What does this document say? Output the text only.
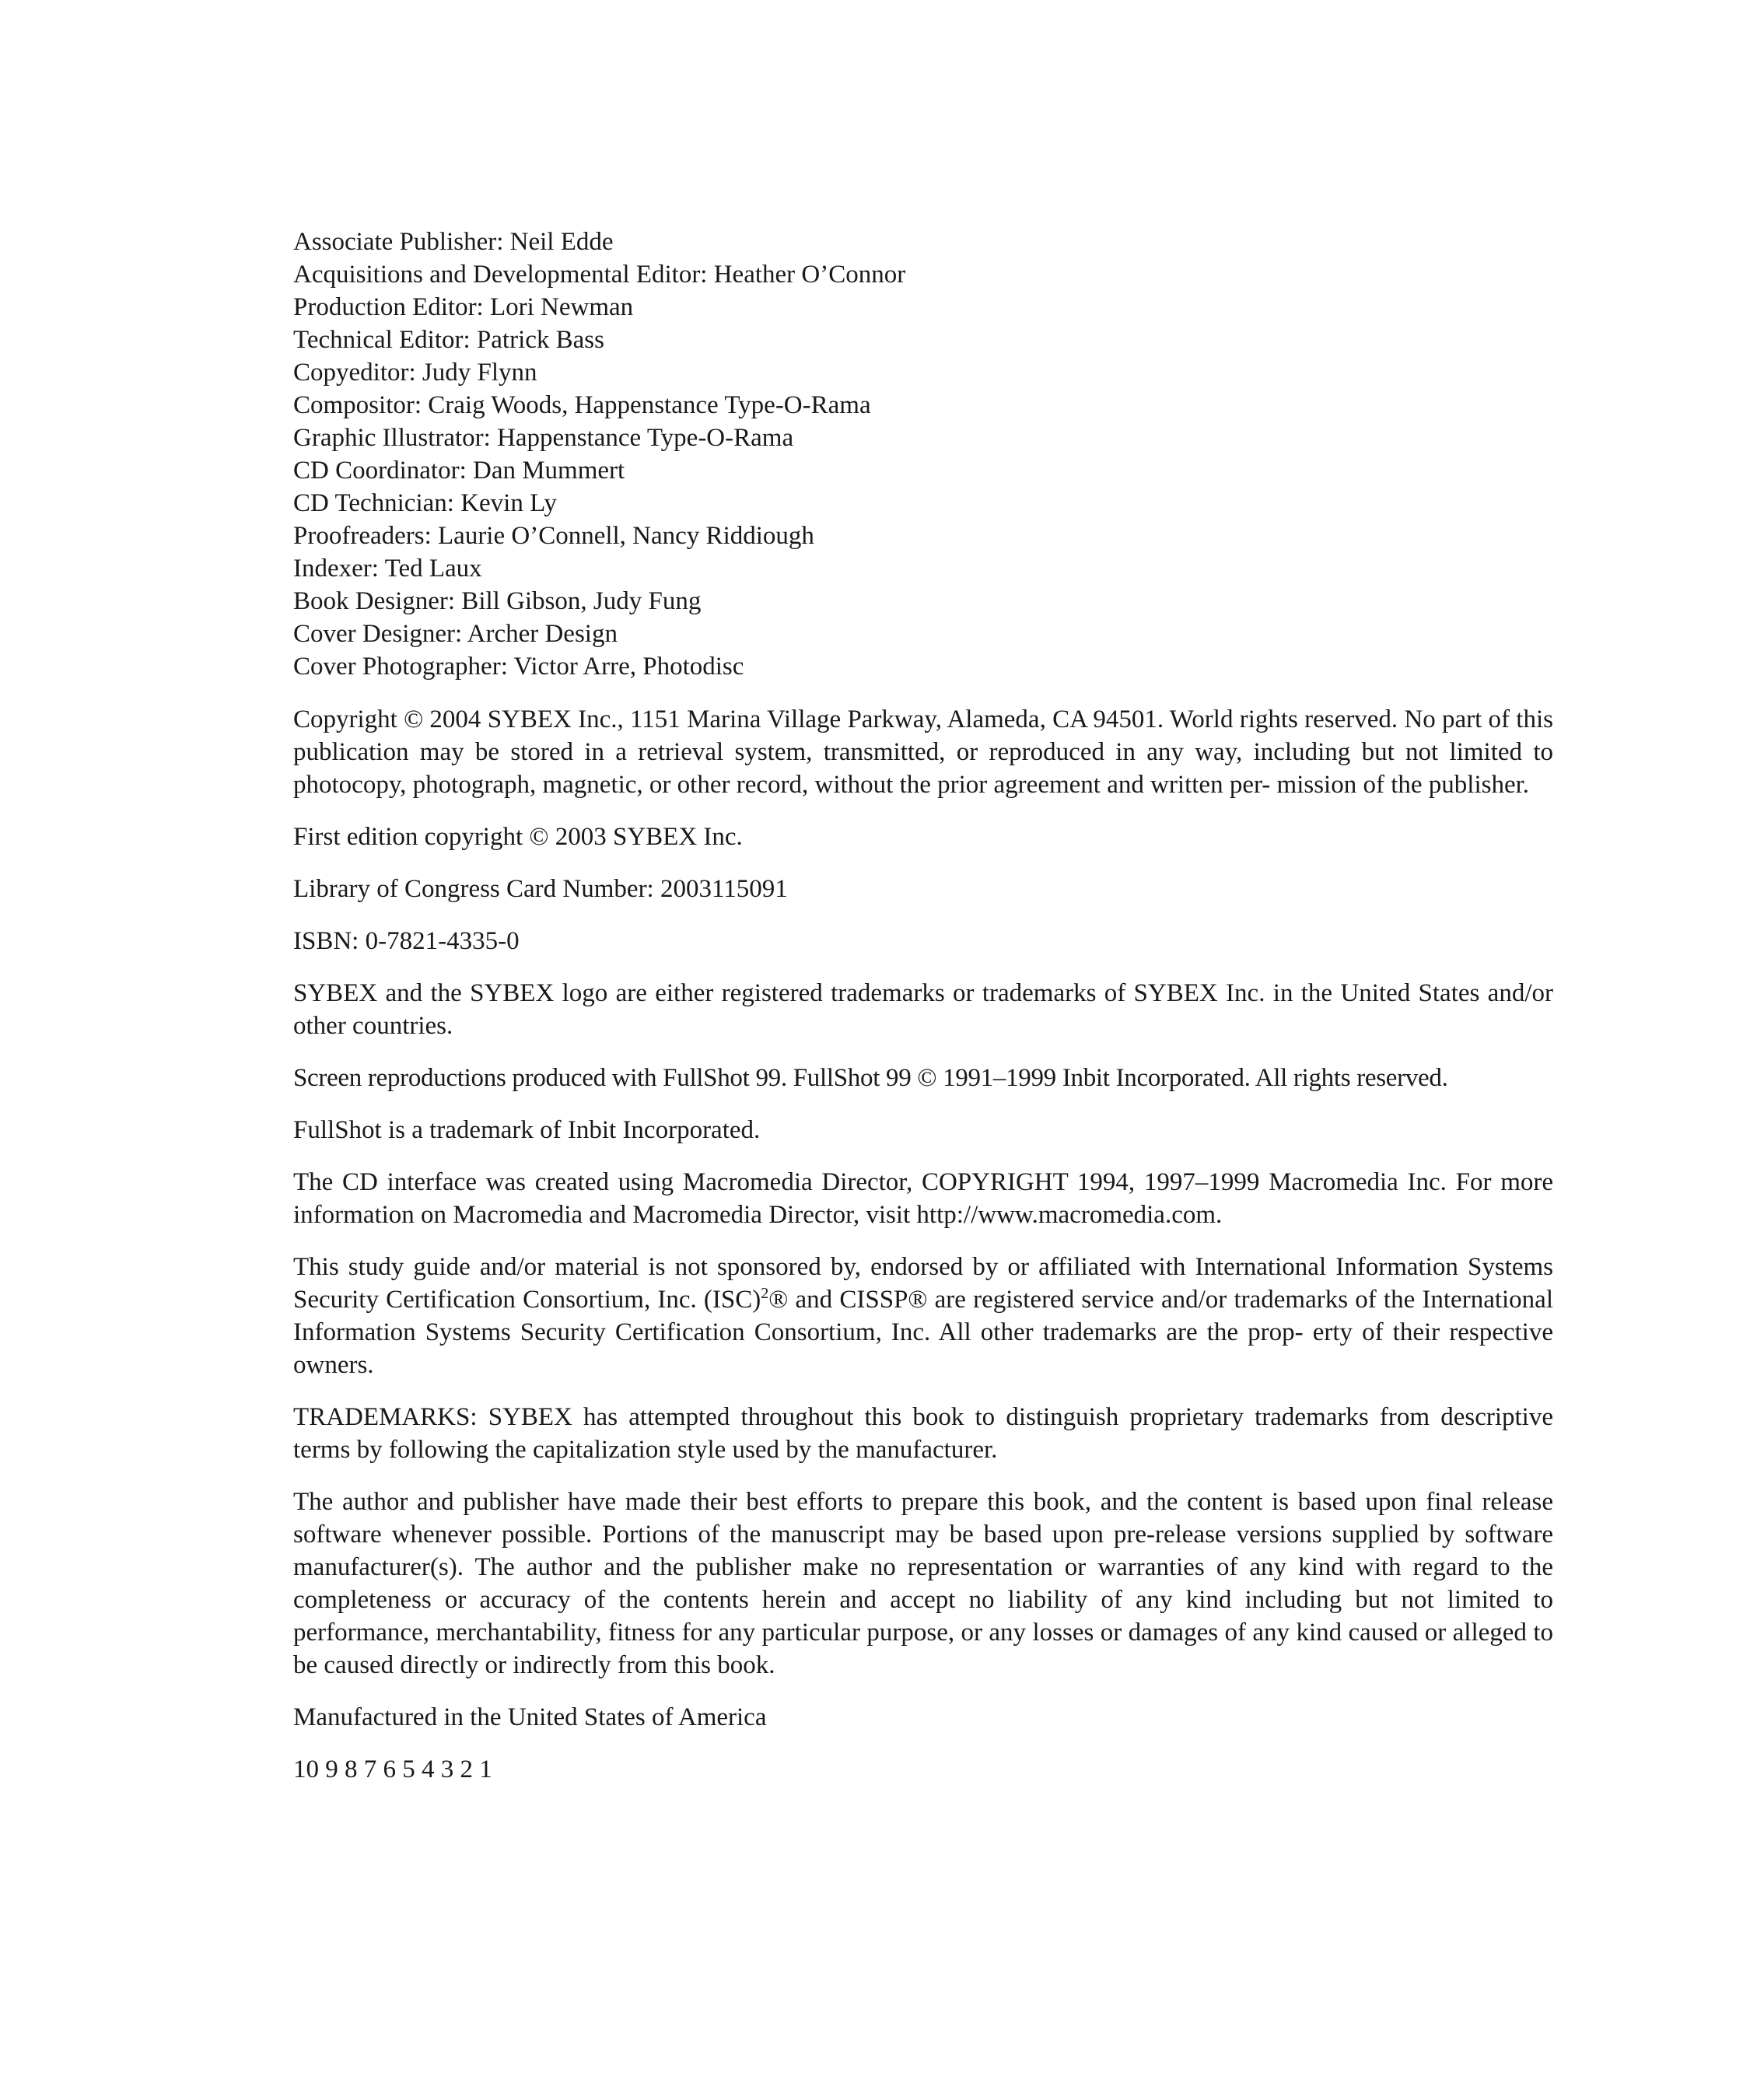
Associate Publisher: Neil Edde
Acquisitions and Developmental Editor: Heather O’Connor
Production Editor: Lori Newman
Technical Editor: Patrick Bass
Copyeditor: Judy Flynn
Compositor: Craig Woods, Happenstance Type-O-Rama
Graphic Illustrator: Happenstance Type-O-Rama
CD Coordinator: Dan Mummert
CD Technician: Kevin Ly
Proofreaders: Laurie O’Connell, Nancy Riddiough
Indexer: Ted Laux
Book Designer: Bill Gibson, Judy Fung
Cover Designer: Archer Design
Cover Photographer: Victor Arre, Photodisc

Copyright © 2004 SYBEX Inc., 1151 Marina Village Parkway, Alameda, CA 94501. World rights reserved. No part of this publication may be stored in a retrieval system, transmitted, or reproduced in any way, including but not limited to photocopy, photograph, magnetic, or other record, without the prior agreement and written per- mission of the publisher.

First edition copyright © 2003 SYBEX Inc.

Library of Congress Card Number: 2003115091

ISBN: 0-7821-4335-0

SYBEX and the SYBEX logo are either registered trademarks or trademarks of SYBEX Inc. in the United States and/or other countries.

Screen reproductions produced with FullShot 99. FullShot 99 © 1991–1999 Inbit Incorporated. All rights reserved.

FullShot is a trademark of Inbit Incorporated.

The CD interface was created using Macromedia Director, COPYRIGHT 1994, 1997–1999 Macromedia Inc. For more information on Macromedia and Macromedia Director, visit http://www.macromedia.com.

This study guide and/or material is not sponsored by, endorsed by or affiliated with International Information Systems Security Certification Consortium, Inc. (ISC)$^2$® and CISSP® are registered service and/or trademarks of the International Information Systems Security Certification Consortium, Inc. All other trademarks are the prop- erty of their respective owners.

TRADEMARKS: SYBEX has attempted throughout this book to distinguish proprietary trademarks from descriptive terms by following the capitalization style used by the manufacturer.

The author and publisher have made their best efforts to prepare this book, and the content is based upon final release software whenever possible. Portions of the manuscript may be based upon pre-release versions supplied by software manufacturer(s). The author and the publisher make no representation or warranties of any kind with regard to the completeness or accuracy of the contents herein and accept no liability of any kind including but not limited to performance, merchantability, fitness for any particular purpose, or any losses or damages of any kind caused or alleged to be caused directly or indirectly from this book.

Manufactured in the United States of America

10 9 8 7 6 5 4 3 2 1
